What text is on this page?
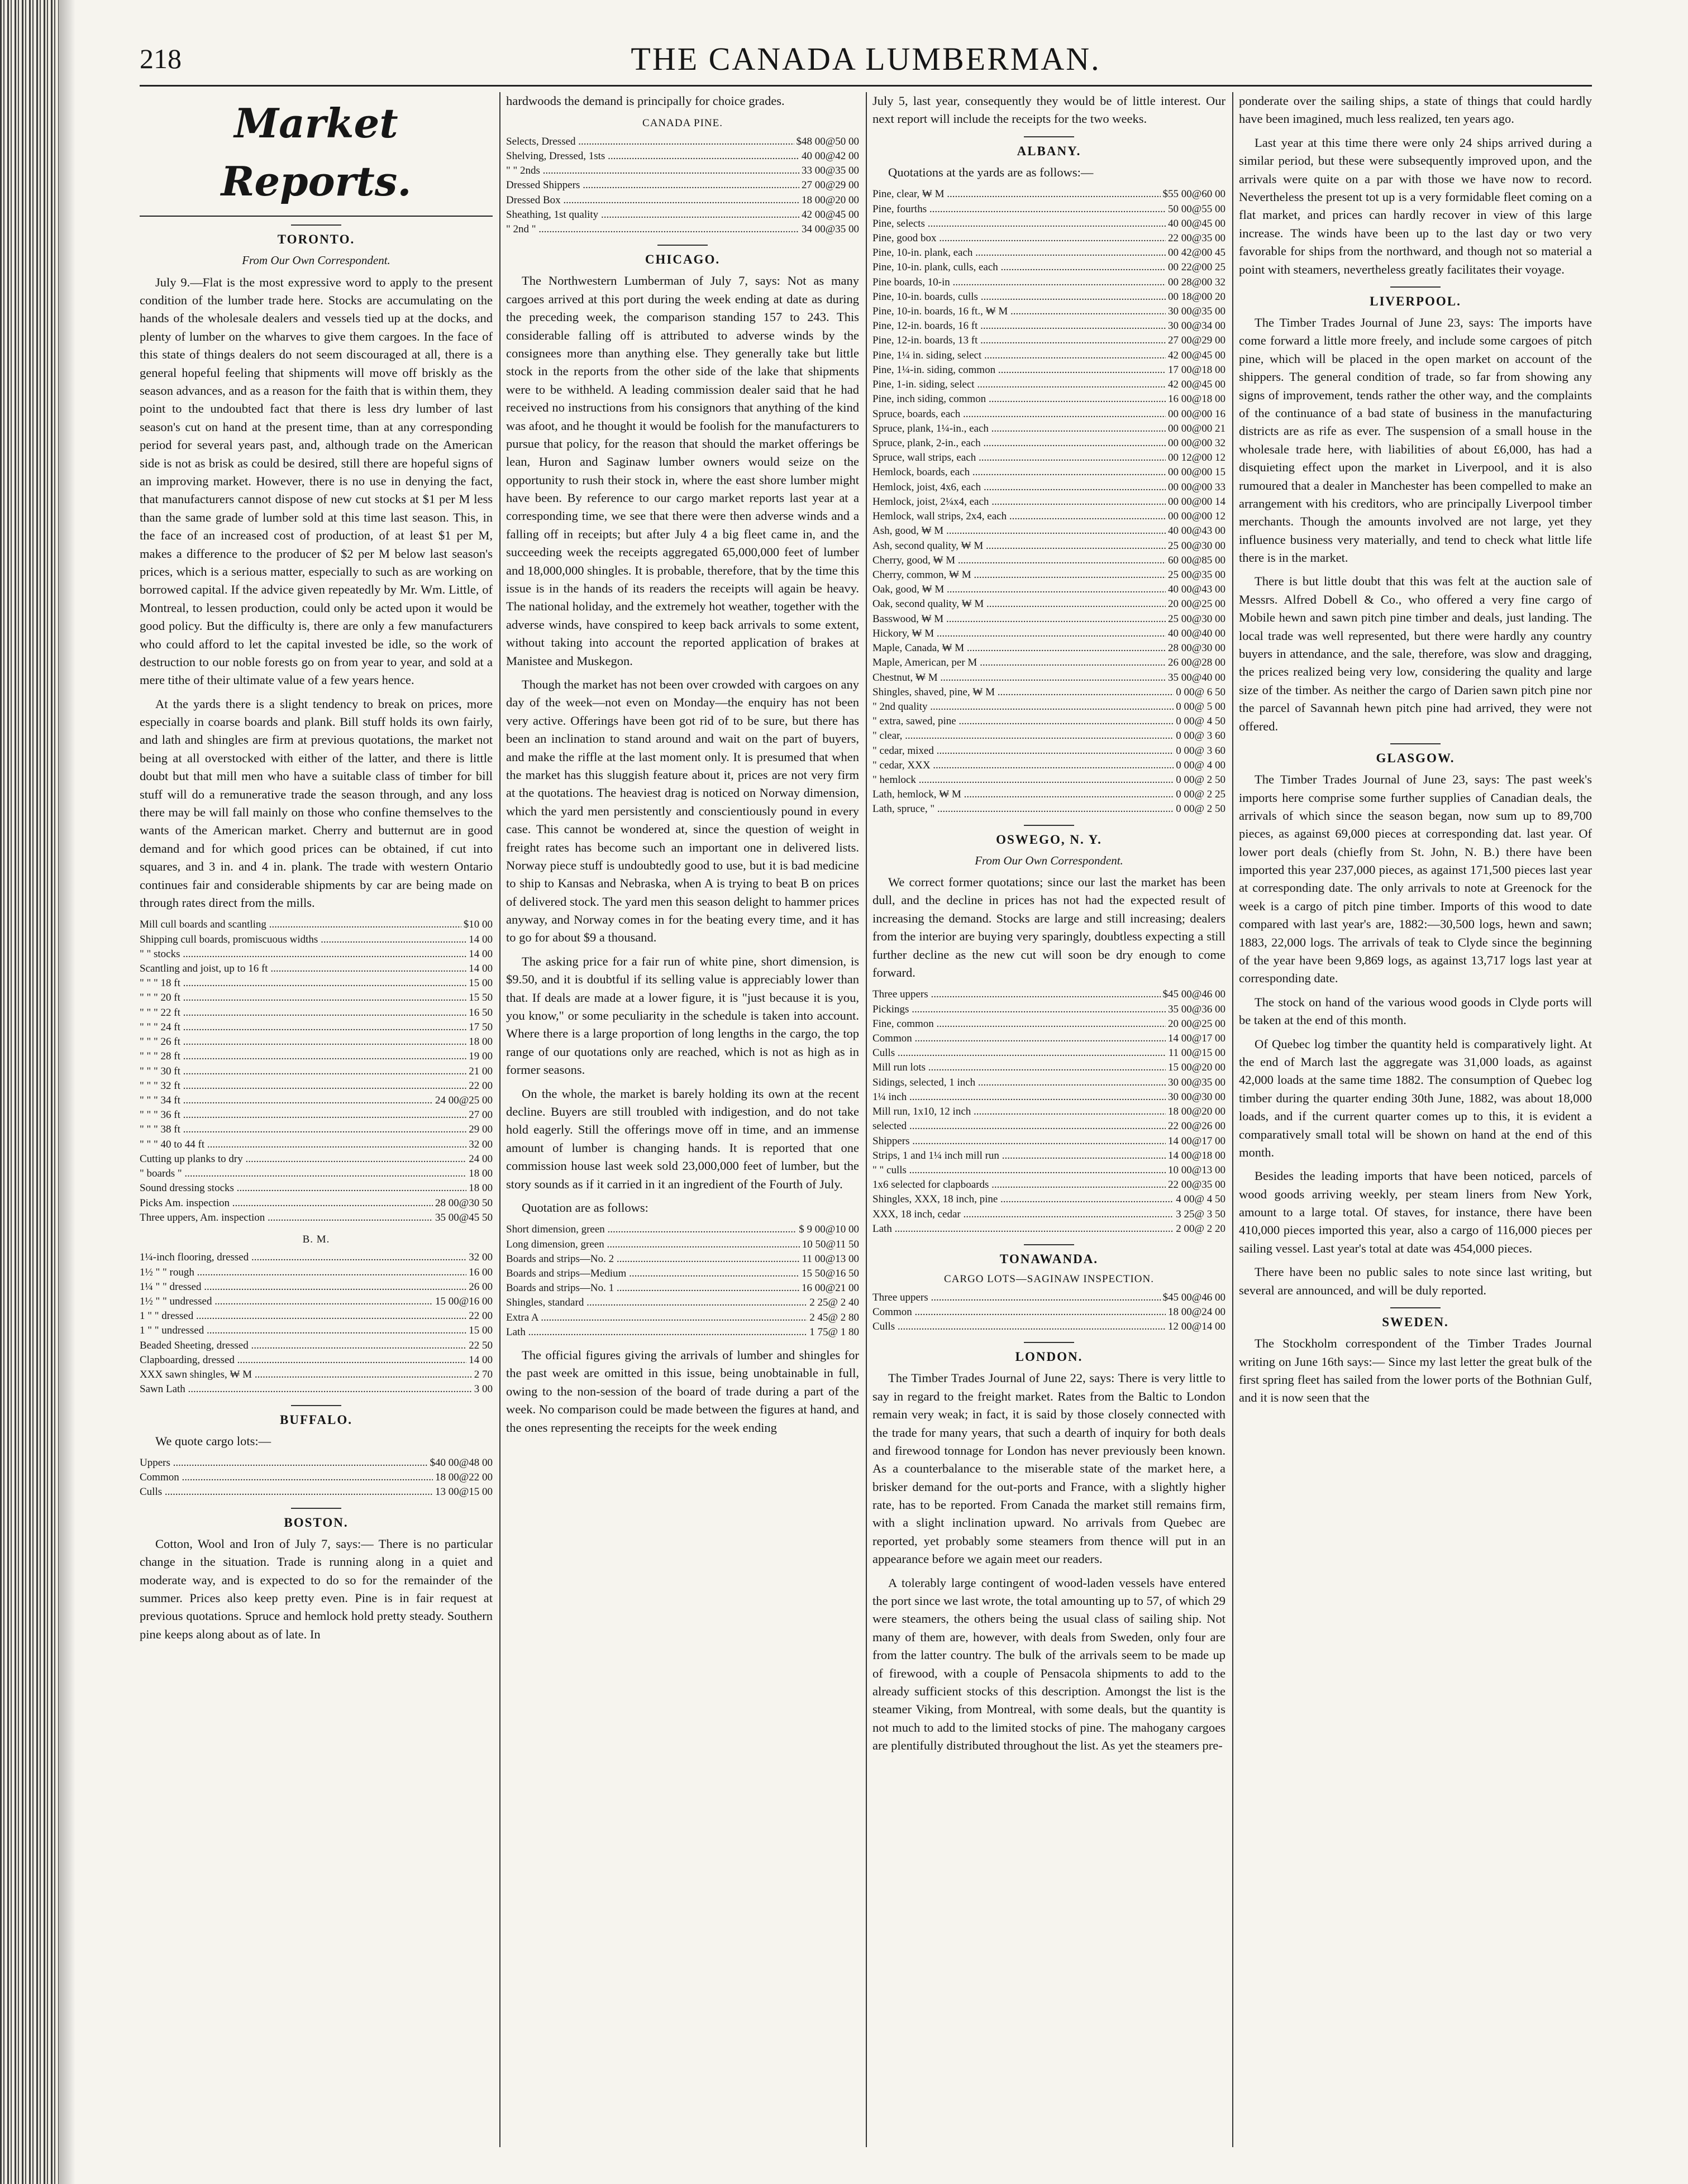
218	THE CANADA LUMBERMAN.
Market Reports.
TORONTO.
From Our Own Correspondent.

July 9.—Flat is the most expressive word to apply to the present condition of the lumber trade here. Stocks are accumulating on the hands of the wholesale dealers and vessels tied up at the docks, and plenty of lumber on the wharves to give them cargoes. In the face of this state of things dealers do not seem discouraged at all, there is a general hopeful feeling that shipments will move off briskly as the season advances, and as a reason for the faith that is within them, they point to the undoubted fact that there is less dry lumber of last season's cut on hand at the present time, than at any corresponding period for several years past, and, although trade on the American side is not as brisk as could be desired, still there are hopeful signs of an improving market. However, there is no use in denying the fact, that manufacturers cannot dispose of new cut stocks at $1 per M less than the same grade of lumber sold at this time last season. This, in the face of an increased cost of production, of at least $1 per M, makes a difference to the producer of $2 per M below last season's prices, which is a serious matter, especially to such as are working on borrowed capital. If the advice given repeatedly by Mr. Wm. Little, of Montreal, to lessen production, could only be acted upon it would be good policy. But the difficulty is, there are only a few manufacturers who could afford to let the capital invested be idle, so the work of destruction to our noble forests go on from year to year, and sold at a mere tithe of their ultimate value of a few years hence.

At the yards there is a slight tendency to break on prices, more especially in coarse boards and plank. Bill stuff holds its own fairly, and lath and shingles are firm at previous quotations, the market not being at all overstocked with either of the latter, and there is little doubt but that mill men who have a suitable class of timber for bill stuff will do a remunerative trade the season through, and any loss there may be will fall mainly on those who confine themselves to the wants of the American market. Cherry and butternut are in good demand and for which good prices can be obtained, if cut into squares, and 3 in. and 4 in. plank. The trade with western Ontario continues fair and considerable shipments by car are being made on through rates direct from the mills.

Mill cull boards and scantling .....	$10 00
Shipping cull boards, promiscuous widths .....	14 00
" " stocks .....	14 00
Scantling and joist, up to 16 ft .....	14 00
" " " 18 ft .....	15 00
" " " 20 ft .....	15 50
" " " 22 ft .....	16 50
" " " 24 ft .....	17 50
" " " 26 ft .....	18 00
" " " 28 ft .....	19 00
" " " 30 ft .....	21 00
" " " 32 ft .....	22 00
" " " 34 ft .....	24 00@25 00
" " " 36 ft .....	27 00
" " " 38 ft .....	29 00
" " " 40 to 44 ft .....	32 00
Cutting up planks to dry .....	24 00
" boards " .....	18 00
Sound dressing stocks .....	18 00
Picks Am. inspection .....	28 00@30 50
Three uppers, Am. inspection .....	35 00@45 50
B. M.
1¼-inch flooring, dressed .....	32 00
1½ " " rough .....	16 00
1¼ " " dressed .....	26 00
1½ " " undressed .....	15 00@16 00
1 " " dressed .....	22 00
1 " " undressed .....	15 00
Beaded Sheeting, dressed .....	22 50
Clapboarding, dressed .....	14 00
XXX sawn shingles, ₩ M .....	2 70
Sawn Lath .....	3 00
BUFFALO.

We quote cargo lots:—

Uppers .....	$40 00@48 00
Common .....	18 00@22 00
Culls .....	13 00@15 00
BOSTON.

Cotton, Wool and Iron of July 7, says:— There is no particular change in the situation. Trade is running along in a quiet and moderate way, and is expected to do so for the remainder of the summer. Prices also keep pretty even. Pine is in fair request at previous quotations. Spruce and hemlock hold pretty steady. Southern pine keeps along about as of late. In

hardwoods the demand is principally for choice grades.

CANADA PINE.
Selects, Dressed .....	$48 00@50 00
Shelving, Dressed, 1sts .....	40 00@42 00
" " 2nds .....	33 00@35 00
Dressed Shippers .....	27 00@29 00
Dressed Box .....	18 00@20 00
Sheathing, 1st quality .....	42 00@45 00
" 2nd " .....	34 00@35 00
CHICAGO.

The Northwestern Lumberman of July 7, says: Not as many cargoes arrived at this port during the week ending at date as during the preceding week, the comparison standing 157 to 243. This considerable falling off is attributed to adverse winds by the consignees more than anything else. They generally take but little stock in the reports from the other side of the lake that shipments were to be withheld. A leading commission dealer said that he had received no instructions from his consignors that anything of the kind was afoot, and he thought it would be foolish for the manufacturers to pursue that policy, for the reason that should the market offerings be lean, Huron and Saginaw lumber owners would seize on the opportunity to rush their stock in, where the east shore lumber might have been. By reference to our cargo market reports last year at a corresponding time, we see that there were then adverse winds and a falling off in receipts; but after July 4 a big fleet came in, and the succeeding week the receipts aggregated 65,000,000 feet of lumber and 18,000,000 shingles. It is probable, therefore, that by the time this issue is in the hands of its readers the receipts will again be heavy. The national holiday, and the extremely hot weather, together with the adverse winds, have conspired to keep back arrivals to some extent, without taking into account the reported application of brakes at Manistee and Muskegon.

Though the market has not been over crowded with cargoes on any day of the week—not even on Monday—the enquiry has not been very active. Offerings have been got rid of to be sure, but there has been an inclination to stand around and wait on the part of buyers, and make the riffle at the last moment only. It is presumed that when the market has this sluggish feature about it, prices are not very firm at the quotations. The heaviest drag is noticed on Norway dimension, which the yard men persistently and conscientiously pound in every case. This cannot be wondered at, since the question of weight in freight rates has become such an important one in delivered lists. Norway piece stuff is undoubtedly good to use, but it is bad medicine to ship to Kansas and Nebraska, when A is trying to beat B on prices of delivered stock. The yard men this season delight to hammer prices anyway, and Norway comes in for the beating every time, and it has to go for about $9 a thousand.

The asking price for a fair run of white pine, short dimension, is $9.50, and it is doubtful if its selling value is appreciably lower than that. If deals are made at a lower figure, it is "just because it is you, you know," or some peculiarity in the schedule is taken into account. Where there is a large proportion of long lengths in the cargo, the top range of our quotations only are reached, which is not as high as in former seasons.

On the whole, the market is barely holding its own at the recent decline. Buyers are still troubled with indigestion, and do not take hold eagerly. Still the offerings move off in time, and an immense amount of lumber is changing hands. It is reported that one commission house last week sold 23,000,000 feet of lumber, but the story sounds as if it carried in it an ingredient of the Fourth of July.

Quotation are as follows:

Short dimension, green .....	$ 9 00@10 00
Long dimension, green .....	10 50@11 50
Boards and strips—No. 2 .....	11 00@13 00
Boards and strips—Medium .....	15 50@16 50
Boards and strips—No. 1 .....	16 00@21 00
Shingles, standard .....	2 25@ 2 40
Extra A .....	2 45@ 2 80
Lath .....	1 75@ 1 80

The official figures giving the arrivals of lumber and shingles for the past week are omitted in this issue, being unobtainable in full, owing to the non-session of the board of trade during a part of the week. No comparison could be made between the figures at hand, and the ones representing the receipts for the week ending

July 5, last year, consequently they would be of little interest. Our next report will include the receipts for the two weeks.

ALBANY.

Quotations at the yards are as follows:—

Pine, clear, ₩ M .....	$55 00@60 00
Pine, fourths .....	50 00@55 00
Pine, selects .....	40 00@45 00
Pine, good box .....	22 00@35 00
Pine, 10-in. plank, each .....	00 42@00 45
Pine, 10-in. plank, culls, each .....	00 22@00 25
Pine boards, 10-in .....	00 28@00 32
Pine, 10-in. boards, culls .....	00 18@00 20
Pine, 10-in. boards, 16 ft., ₩ M .....	30 00@35 00
Pine, 12-in. boards, 16 ft .....	30 00@34 00
Pine, 12-in. boards, 13 ft .....	27 00@29 00
Pine, 1¼ in. siding, select .....	42 00@45 00
Pine, 1¼-in. siding, common .....	17 00@18 00
Pine, 1-in. siding, select .....	42 00@45 00
Pine, inch siding, common .....	16 00@18 00
Spruce, boards, each .....	00 00@00 16
Spruce, plank, 1¼-in., each .....	00 00@00 21
Spruce, plank, 2-in., each .....	00 00@00 32
Spruce, wall strips, each .....	00 12@00 12
Hemlock, boards, each .....	00 00@00 15
Hemlock, joist, 4x6, each .....	00 00@00 33
Hemlock, joist, 2¼x4, each .....	00 00@00 14
Hemlock, wall strips, 2x4, each .....	00 00@00 12
Ash, good, ₩ M .....	40 00@43 00
Ash, second quality, ₩ M .....	25 00@30 00
Cherry, good, ₩ M .....	60 00@85 00
Cherry, common, ₩ M .....	25 00@35 00
Oak, good, ₩ M .....	40 00@43 00
Oak, second quality, ₩ M .....	20 00@25 00
Basswood, ₩ M .....	25 00@30 00
Hickory, ₩ M .....	40 00@40 00
Maple, Canada, ₩ M .....	28 00@30 00
Maple, American, per M .....	26 00@28 00
Chestnut, ₩ M .....	35 00@40 00
Shingles, shaved, pine, ₩ M .....	0 00@ 6 50
" 2nd quality .....	0 00@ 5 00
" extra, sawed, pine .....	0 00@ 4 50
" clear, .....	0 00@ 3 60
" cedar, mixed .....	0 00@ 3 60
" cedar, XXX .....	0 00@ 4 00
" hemlock .....	0 00@ 2 50
Lath, hemlock, ₩ M .....	0 00@ 2 25
Lath, spruce, " .....	0 00@ 2 50
OSWEGO, N. Y.
From Our Own Correspondent.

We correct former quotations; since our last the market has been dull, and the decline in prices has not had the expected result of increasing the demand. Stocks are large and still increasing; dealers from the interior are buying very sparingly, doubtless expecting a still further decline as the new cut will soon be dry enough to come forward.

Three uppers .....	$45 00@46 00
Pickings .....	35 00@36 00
Fine, common .....	20 00@25 00
Common .....	14 00@17 00
Culls .....	11 00@15 00
Mill run lots .....	15 00@20 00
Sidings, selected, 1 inch .....	30 00@35 00
1¼ inch .....	30 00@30 00
Mill run, 1x10, 12 inch .....	18 00@20 00
selected .....	22 00@26 00
Shippers .....	14 00@17 00
Strips, 1 and 1¼ inch mill run .....	14 00@18 00
" " culls .....	10 00@13 00
1x6 selected for clapboards .....	22 00@35 00
Shingles, XXX, 18 inch, pine .....	4 00@ 4 50
XXX, 18 inch, cedar .....	3 25@ 3 50
Lath .....	2 00@ 2 20
TONAWANDA.
CARGO LOTS—SAGINAW INSPECTION.
Three uppers .....	$45 00@46 00
Common .....	18 00@24 00
Culls .....	12 00@14 00
LONDON.

The Timber Trades Journal of June 22, says: There is very little to say in regard to the freight market. Rates from the Baltic to London remain very weak; in fact, it is said by those closely connected with the trade for many years, that such a dearth of inquiry for both deals and firewood tonnage for London has never previously been known. As a counterbalance to the miserable state of the market here, a brisker demand for the out-ports and France, with a slightly higher rate, has to be reported. From Canada the market still remains firm, with a slight inclination upward. No arrivals from Quebec are reported, yet probably some steamers from thence will put in an appearance before we again meet our readers.

A tolerably large contingent of wood-laden vessels have entered the port since we last wrote, the total amounting up to 57, of which 29 were steamers, the others being the usual class of sailing ship. Not many of them are, however, with deals from Sweden, only four are from the latter country. The bulk of the arrivals seem to be made up of firewood, with a couple of Pensacola shipments to add to the already sufficient stocks of this description. Amongst the list is the steamer Viking, from Montreal, with some deals, but the quantity is not much to add to the limited stocks of pine. The mahogany cargoes are plentifully distributed throughout the list. As yet the steamers pre-

ponderate over the sailing ships, a state of things that could hardly have been imagined, much less realized, ten years ago.

Last year at this time there were only 24 ships arrived during a similar period, but these were subsequently improved upon, and the arrivals were quite on a par with those we have now to record. Nevertheless the present tot up is a very formidable fleet coming on a flat market, and prices can hardly recover in view of this large increase. The winds have been up to the last day or two very favorable for ships from the northward, and though not so material a point with steamers, nevertheless greatly facilitates their voyage.

LIVERPOOL.

The Timber Trades Journal of June 23, says: The imports have come forward a little more freely, and include some cargoes of pitch pine, which will be placed in the open market on account of the shippers. The general condition of trade, so far from showing any signs of improvement, tends rather the other way, and the complaints of the continuance of a bad state of business in the manufacturing districts are as rife as ever. The suspension of a small house in the wholesale trade here, with liabilities of about £6,000, has had a disquieting effect upon the market in Liverpool, and it is also rumoured that a dealer in Manchester has been compelled to make an arrangement with his creditors, who are principally Liverpool timber merchants. Though the amounts involved are not large, yet they influence business very materially, and tend to check what little life there is in the market.

There is but little doubt that this was felt at the auction sale of Messrs. Alfred Dobell & Co., who offered a very fine cargo of Mobile hewn and sawn pitch pine timber and deals, just landing. The local trade was well represented, but there were hardly any country buyers in attendance, and the sale, therefore, was slow and dragging, the prices realized being very low, considering the quality and large size of the timber. As neither the cargo of Darien sawn pitch pine nor the parcel of Savannah hewn pitch pine had arrived, they were not offered.

GLASGOW.

The Timber Trades Journal of June 23, says: The past week's imports here comprise some further supplies of Canadian deals, the arrivals of which since the season began, now sum up to 89,700 pieces, as against 69,000 pieces at corresponding dat. last year. Of lower port deals (chiefly from St. John, N. B.) there have been imported this year 237,000 pieces, as against 171,500 pieces last year at corresponding date. The only arrivals to note at Greenock for the week is a cargo of pitch pine timber. Imports of this wood to date compared with last year's are, 1882:—30,500 logs, hewn and sawn; 1883, 22,000 logs. The arrivals of teak to Clyde since the beginning of the year have been 9,869 logs, as against 13,717 logs last year at corresponding date.

The stock on hand of the various wood goods in Clyde ports will be taken at the end of this month.

Of Quebec log timber the quantity held is comparatively light. At the end of March last the aggregate was 31,000 loads, as against 42,000 loads at the same time 1882. The consumption of Quebec log timber during the quarter ending 30th June, 1882, was about 18,000 loads, and if the current quarter comes up to this, it is evident a comparatively small total will be shown on hand at the end of this month.

Besides the leading imports that have been noticed, parcels of wood goods arriving weekly, per steam liners from New York, amount to a large total. Of staves, for instance, there have been 410,000 pieces imported this year, also a cargo of 116,000 pieces per sailing vessel. Last year's total at date was 454,000 pieces.

There have been no public sales to note since last writing, but several are announced, and will be duly reported.

SWEDEN.

The Stockholm correspondent of the Timber Trades Journal writing on June 16th says:— Since my last letter the great bulk of the first spring fleet has sailed from the lower ports of the Bothnian Gulf, and it is now seen that the
